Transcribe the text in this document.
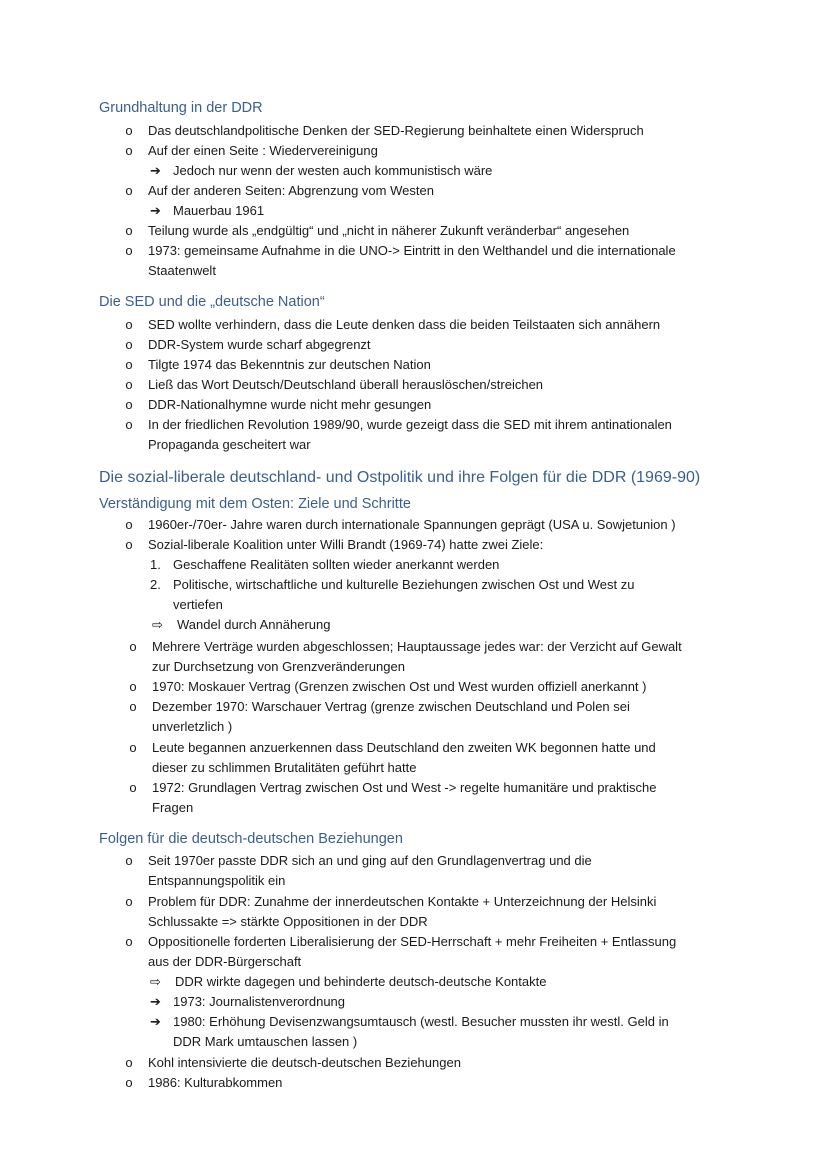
Grundhaltung in der DDR
o Das deutschlandpolitische Denken der SED-Regierung beinhaltete einen Widerspruch
o Auf der einen Seite : Wiedervereinigung
➔ Jedoch nur wenn der westen auch kommunistisch wäre
o Auf der anderen Seiten: Abgrenzung vom Westen
➔ Mauerbau 1961
o Teilung wurde als „endgültig“ und „nicht in näherer Zukunft veränderbar“ angesehen
o 1973: gemeinsame Aufnahme in die UNO-> Eintritt in den Welthandel und die internationale
Staatenwelt
Die SED und die „deutsche Nation“
o SED wollte verhindern, dass die Leute denken dass die beiden Teilstaaten sich annähern
o DDR-System wurde scharf abgegrenzt
o Tilgte 1974 das Bekenntnis zur deutschen Nation
o Ließ das Wort Deutsch/Deutschland überall herauslöschen/streichen
o DDR-Nationalhymne wurde nicht mehr gesungen
o In der friedlichen Revolution 1989/90, wurde gezeigt dass die SED mit ihrem antinationalen
Propaganda gescheitert war
Die sozial-liberale deutschland- und Ostpolitik und ihre Folgen für die DDR (1969-90)
Verständigung mit dem Osten: Ziele und Schritte
o 1960er-/70er- Jahre waren durch internationale Spannungen geprägt (USA u. Sowjetunion )
o Sozial-liberale Koalition unter Willi Brandt (1969-74) hatte zwei Ziele:
1. Geschaffene Realitäten sollten wieder anerkannt werden
2. Politische, wirtschaftliche und kulturelle Beziehungen zwischen Ost und West zu
vertiefen
⇨ Wandel durch Annäherung
o Mehrere Verträge wurden abgeschlossen; Hauptaussage jedes war: der Verzicht auf Gewalt
zur Durchsetzung von Grenzveränderungen
o 1970: Moskauer Vertrag (Grenzen zwischen Ost und West wurden offiziell anerkannt )
o Dezember 1970: Warschauer Vertrag (grenze zwischen Deutschland und Polen sei
unverletzlich )
o Leute begannen anzuerkennen dass Deutschland den zweiten WK begonnen hatte und
dieser zu schlimmen Brutalitäten geführt hatte
o 1972: Grundlagen Vertrag zwischen Ost und West -> regelte humanitäre und praktische
Fragen
Folgen für die deutsch-deutschen Beziehungen
o Seit 1970er passte DDR sich an und ging auf den Grundlagenvertrag und die
Entspannungspolitik ein
o Problem für DDR: Zunahme der innerdeutschen Kontakte + Unterzeichnung der Helsinki
Schlussakte => stärkte Oppositionen in der DDR
o Oppositionelle forderten Liberalisierung der SED-Herrschaft + mehr Freiheiten + Entlassung
aus der DDR-Bürgerschaft
⇨ DDR wirkte dagegen und behinderte deutsch-deutsche Kontakte
➔ 1973: Journalistenverordnung
➔ 1980: Erhöhung Devisenzwangsumtausch (westl. Besucher mussten ihr westl. Geld in
DDR Mark umtauschen lassen )
o Kohl intensivierte die deutsch-deutschen Beziehungen
o 1986: Kulturabkommen
